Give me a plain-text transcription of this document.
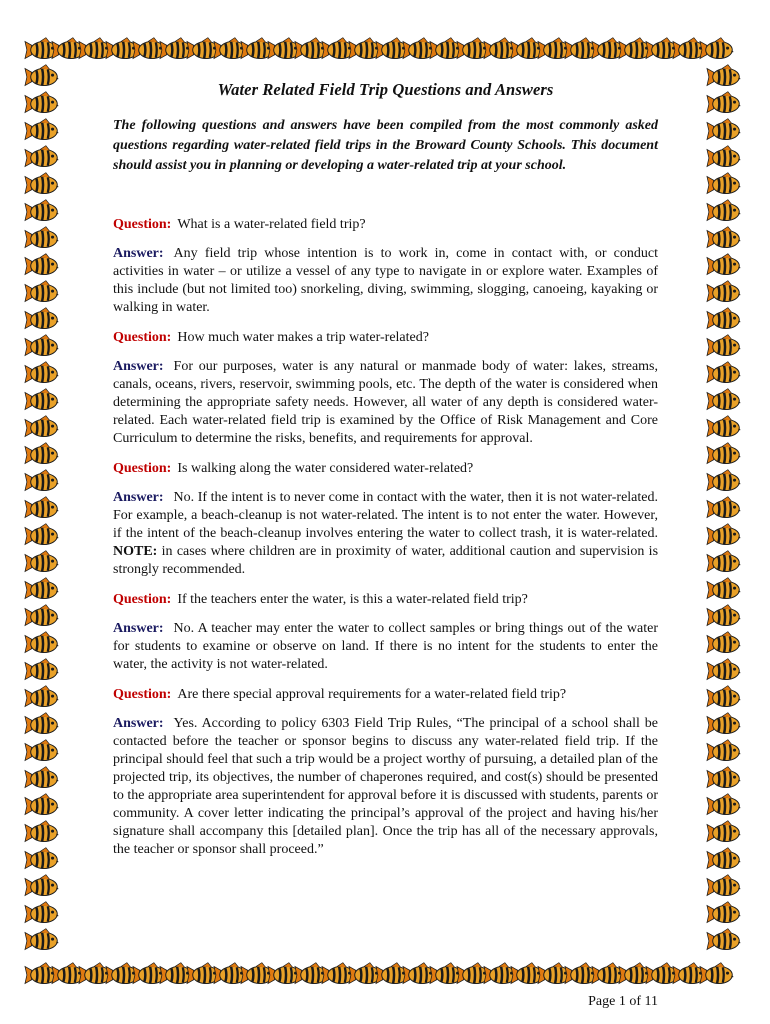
Water Related Field Trip Questions and Answers

The following questions and answers have been compiled from the most commonly asked questions regarding water-related field trips in the Broward County Schools. This document should assist you in planning or developing a water-related trip at your school.

Question: What is a water-related field trip?

Answer: Any field trip whose intention is to work in, come in contact with, or conduct activities in water – or utilize a vessel of any type to navigate in or explore water. Examples of this include (but not limited too) snorkeling, diving, swimming, slogging, canoeing, kayaking or walking in water.

Question: How much water makes a trip water-related?

Answer: For our purposes, water is any natural or manmade body of water: lakes, streams, canals, oceans, rivers, reservoir, swimming pools, etc. The depth of the water is considered when determining the appropriate safety needs. However, all water of any depth is considered water-related. Each water-related field trip is examined by the Office of Risk Management and Core Curriculum to determine the risks, benefits, and requirements for approval.

Question: Is walking along the water considered water-related?

Answer: No. If the intent is to never come in contact with the water, then it is not water-related. For example, a beach-cleanup is not water-related. The intent is to not enter the water. However, if the intent of the beach-cleanup involves entering the water to collect trash, it is water-related. NOTE: in cases where children are in proximity of water, additional caution and supervision is strongly recommended.

Question: If the teachers enter the water, is this a water-related field trip?

Answer: No. A teacher may enter the water to collect samples or bring things out of the water for students to examine or observe on land. If there is no intent for the students to enter the water, the activity is not water-related.

Question: Are there special approval requirements for a water-related field trip?

Answer: Yes. According to policy 6303 Field Trip Rules, “The principal of a school shall be contacted before the teacher or sponsor begins to discuss any water-related field trip. If the principal should feel that such a trip would be a project worthy of pursuing, a detailed plan of the projected trip, its objectives, the number of chaperones required, and cost(s) should be presented to the appropriate area superintendent for approval before it is discussed with students, parents or community. A cover letter indicating the principal’s approval of the project and having his/her signature shall accompany this [detailed plan]. Once the trip has all of the necessary approvals, the teacher or sponsor shall proceed.”

Page 1 of 11
